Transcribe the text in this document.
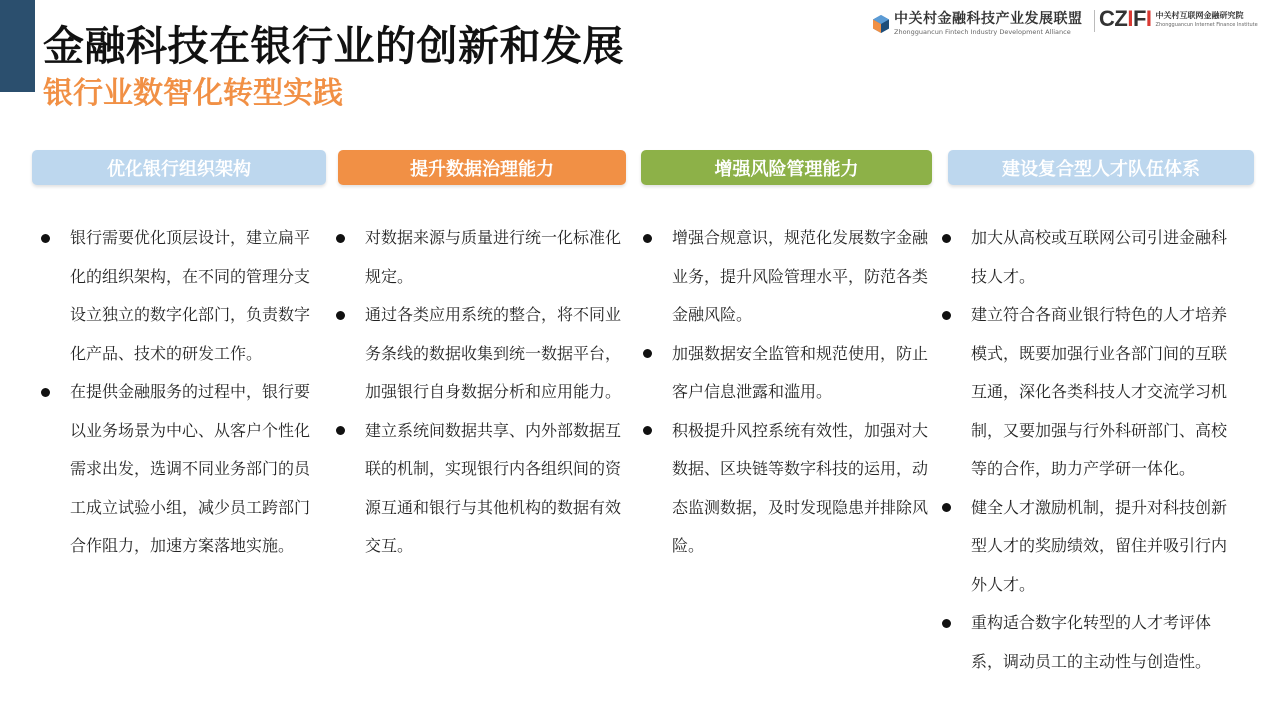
金融科技在银行业的创新和发展
银行业数智化转型实践
中关村金融科技产业发展联盟
Zhongguancun Fintech Industry Development Alliance
CZIFI 中关村互联网金融研究院
Zhongguancun Internet Finance Institute
优化银行组织架构	提升数据治理能力	增强风险管理能力	建设复合型人才队伍体系
银行需要优化顶层设计，建立扁平化的组织架构，在不同的管理分支设立独立的数字化部门，负责数字化产品、技术的研发工作。
在提供金融服务的过程中，银行要以业务场景为中心、从客户个性化需求出发，选调不同业务部门的员工成立试验小组，减少员工跨部门合作阻力，加速方案落地实施。
对数据来源与质量进行统一化标准化规定。
通过各类应用系统的整合，将不同业务条线的数据收集到统一数据平台，加强银行自身数据分析和应用能力。
建立系统间数据共享、内外部数据互联的机制，实现银行内各组织间的资源互通和银行与其他机构的数据有效交互。
增强合规意识，规范化发展数字金融业务，提升风险管理水平，防范各类金融风险。
加强数据安全监管和规范使用，防止客户信息泄露和滥用。
积极提升风控系统有效性，加强对大数据、区块链等数字科技的运用，动态监测数据，及时发现隐患并排除风险。
加大从高校或互联网公司引进金融科技人才。
建立符合各商业银行特色的人才培养模式，既要加强行业各部门间的互联互通，深化各类科技人才交流学习机制，又要加强与行外科研部门、高校等的合作，助力产学研一体化。
健全人才激励机制，提升对科技创新型人才的奖励绩效，留住并吸引行内外人才。
重构适合数字化转型的人才考评体系，调动员工的主动性与创造性。
